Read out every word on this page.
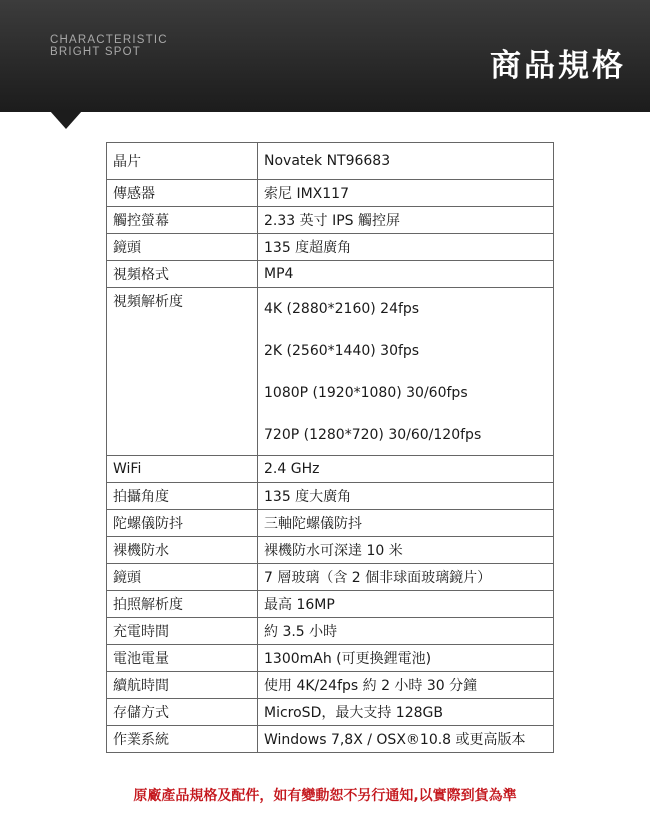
CHARACTERISTIC
BRIGHT SPOT	商品規格
晶片	Novatek NT96683
傳感器	索尼 IMX117
觸控螢幕	2.33 英寸 IPS 觸控屏
鏡頭	135 度超廣角
視頻格式	MP4
視頻解析度	4K (2880*2160) 24fps
2K (2560*1440) 30fps
1080P (1920*1080) 30/60fps
720P (1280*720) 30/60/120fps

WiFi	2.4 GHz
拍攝角度	135 度大廣角
陀螺儀防抖	三軸陀螺儀防抖
裸機防水	裸機防水可深達 10 米
鏡頭	7 層玻璃（含 2 個非球面玻璃鏡片）
拍照解析度	最高 16MP
充電時間	約 3.5 小時
電池電量	1300mAh (可更換鋰電池)
續航時間	使用 4K/24fps 約 2 小時 30 分鐘
存儲方式	MicroSD，最大支持 128GB
作業系統	Windows 7,8X / OSX®10.8 或更高版本
原廠產品規格及配件，如有變動恕不另行通知,以實際到貨為準
